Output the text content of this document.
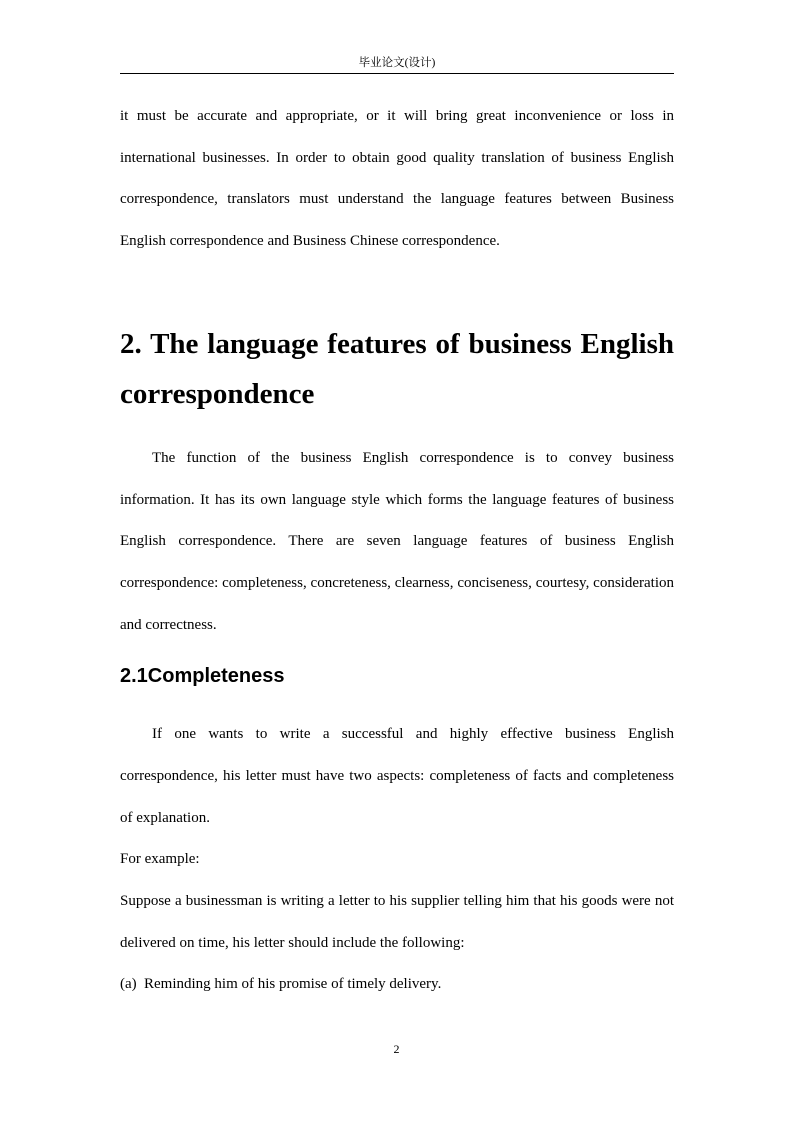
毕业论文(设计)

it must be accurate and appropriate, or it will bring great inconvenience or loss in international businesses. In order to obtain good quality translation of business English correspondence, translators must understand the language features between Business English correspondence and Business Chinese correspondence.

2. The language features of business English correspondence

The function of the business English correspondence is to convey business information. It has its own language style which forms the language features of business English correspondence. There are seven language features of business English correspondence: completeness, concreteness, clearness, conciseness, courtesy, consideration and correctness.

2.1Completeness

If one wants to write a successful and highly effective business English correspondence, his letter must have two aspects: completeness of facts and completeness of explanation.

For example:

Suppose a businessman is writing a letter to his supplier telling him that his goods were not delivered on time, his letter should include the following:

(a) Reminding him of his promise of timely delivery.

2
